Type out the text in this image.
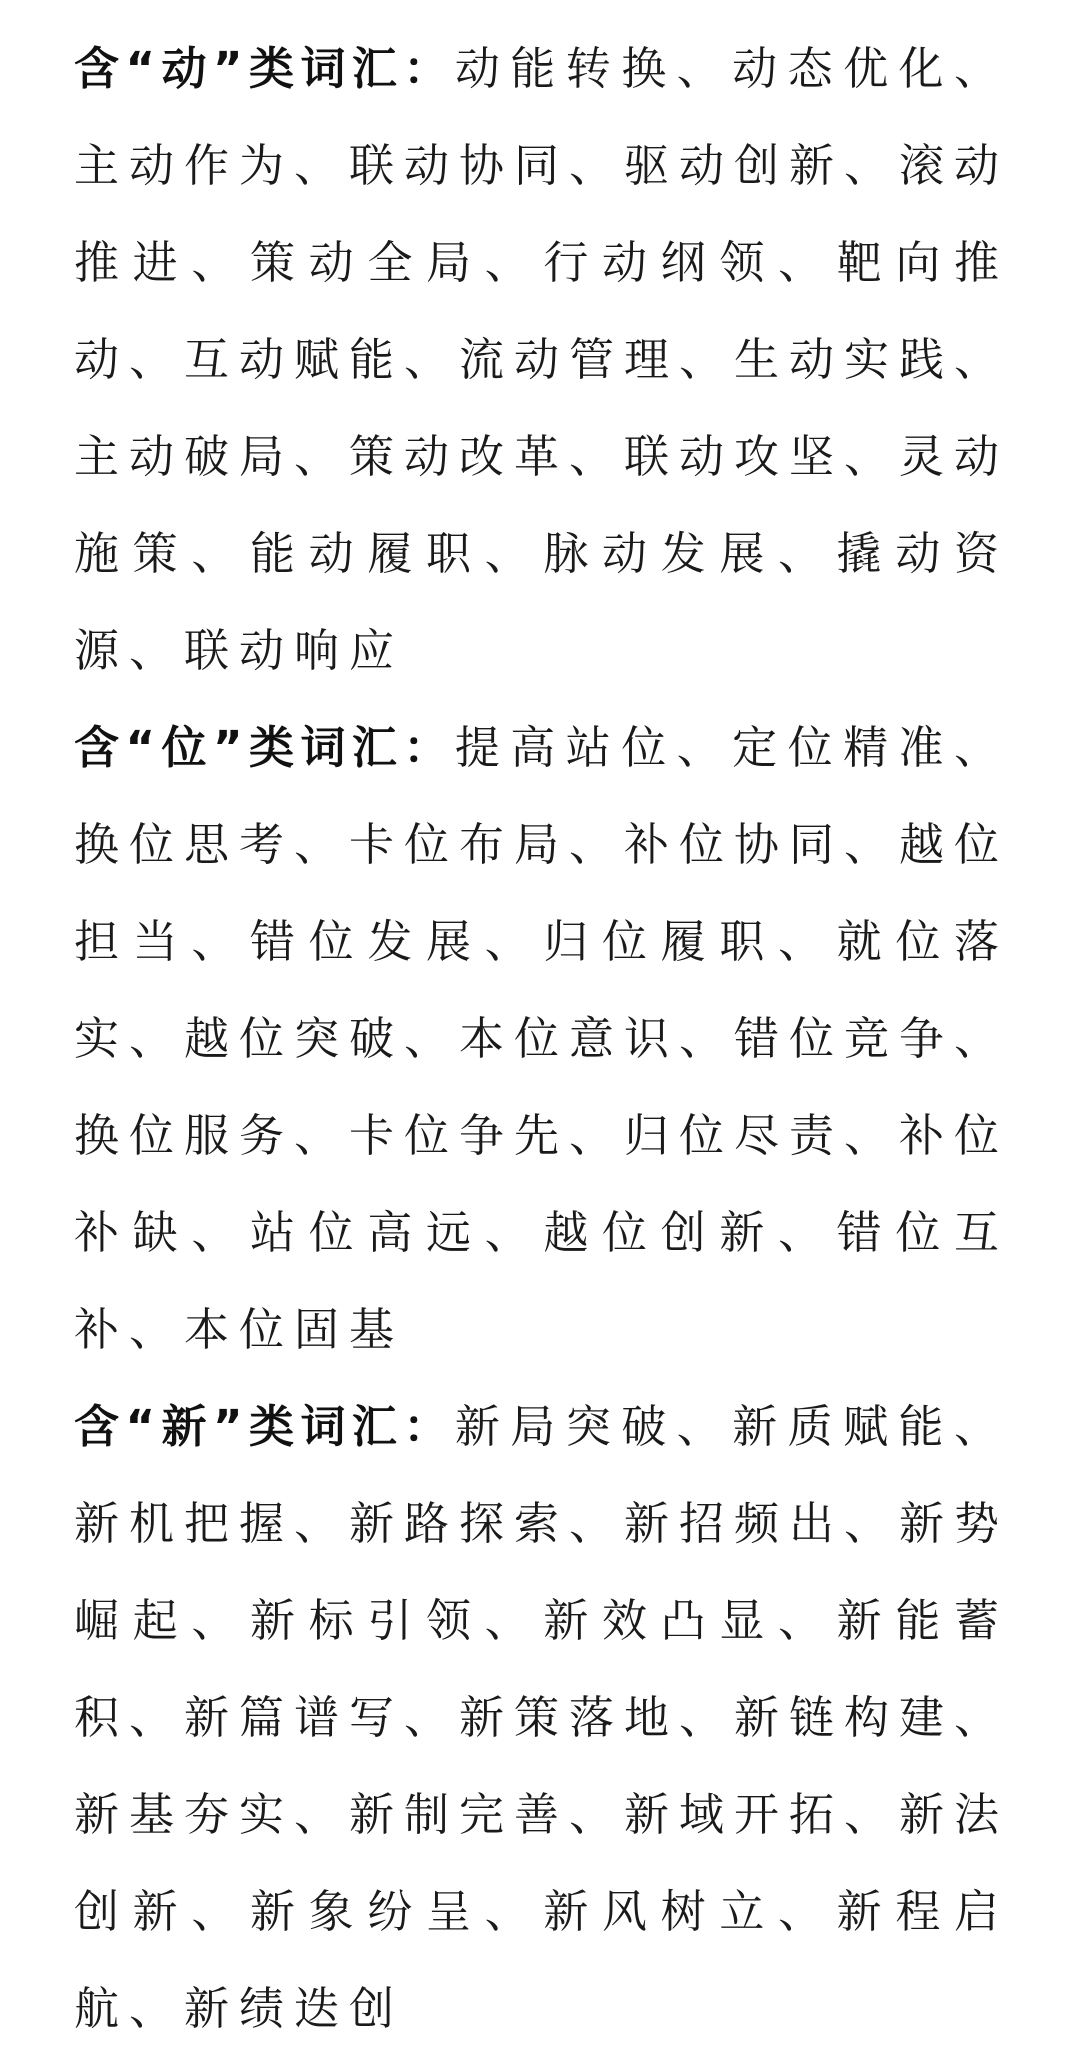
含“动”类词汇：动能转换、动态优化、主动作为、联动协同、驱动创新、滚动推进、策动全局、行动纲领、靶向推动、互动赋能、流动管理、生动实践、主动破局、策动改革、联动攻坚、灵动施策、能动履职、脉动发展、撬动资源、联动响应

含“位”类词汇：提高站位、定位精准、换位思考、卡位布局、补位协同、越位担当、错位发展、归位履职、就位落实、越位突破、本位意识、错位竞争、换位服务、卡位争先、归位尽责、补位补缺、站位高远、越位创新、错位互补、本位固基

含“新”类词汇：新局突破、新质赋能、新机把握、新路探索、新招频出、新势崛起、新标引领、新效凸显、新能蓄积、新篇谱写、新策落地、新链构建、新基夯实、新制完善、新域开拓、新法创新、新象纷呈、新风树立、新程启航、新绩迭创
